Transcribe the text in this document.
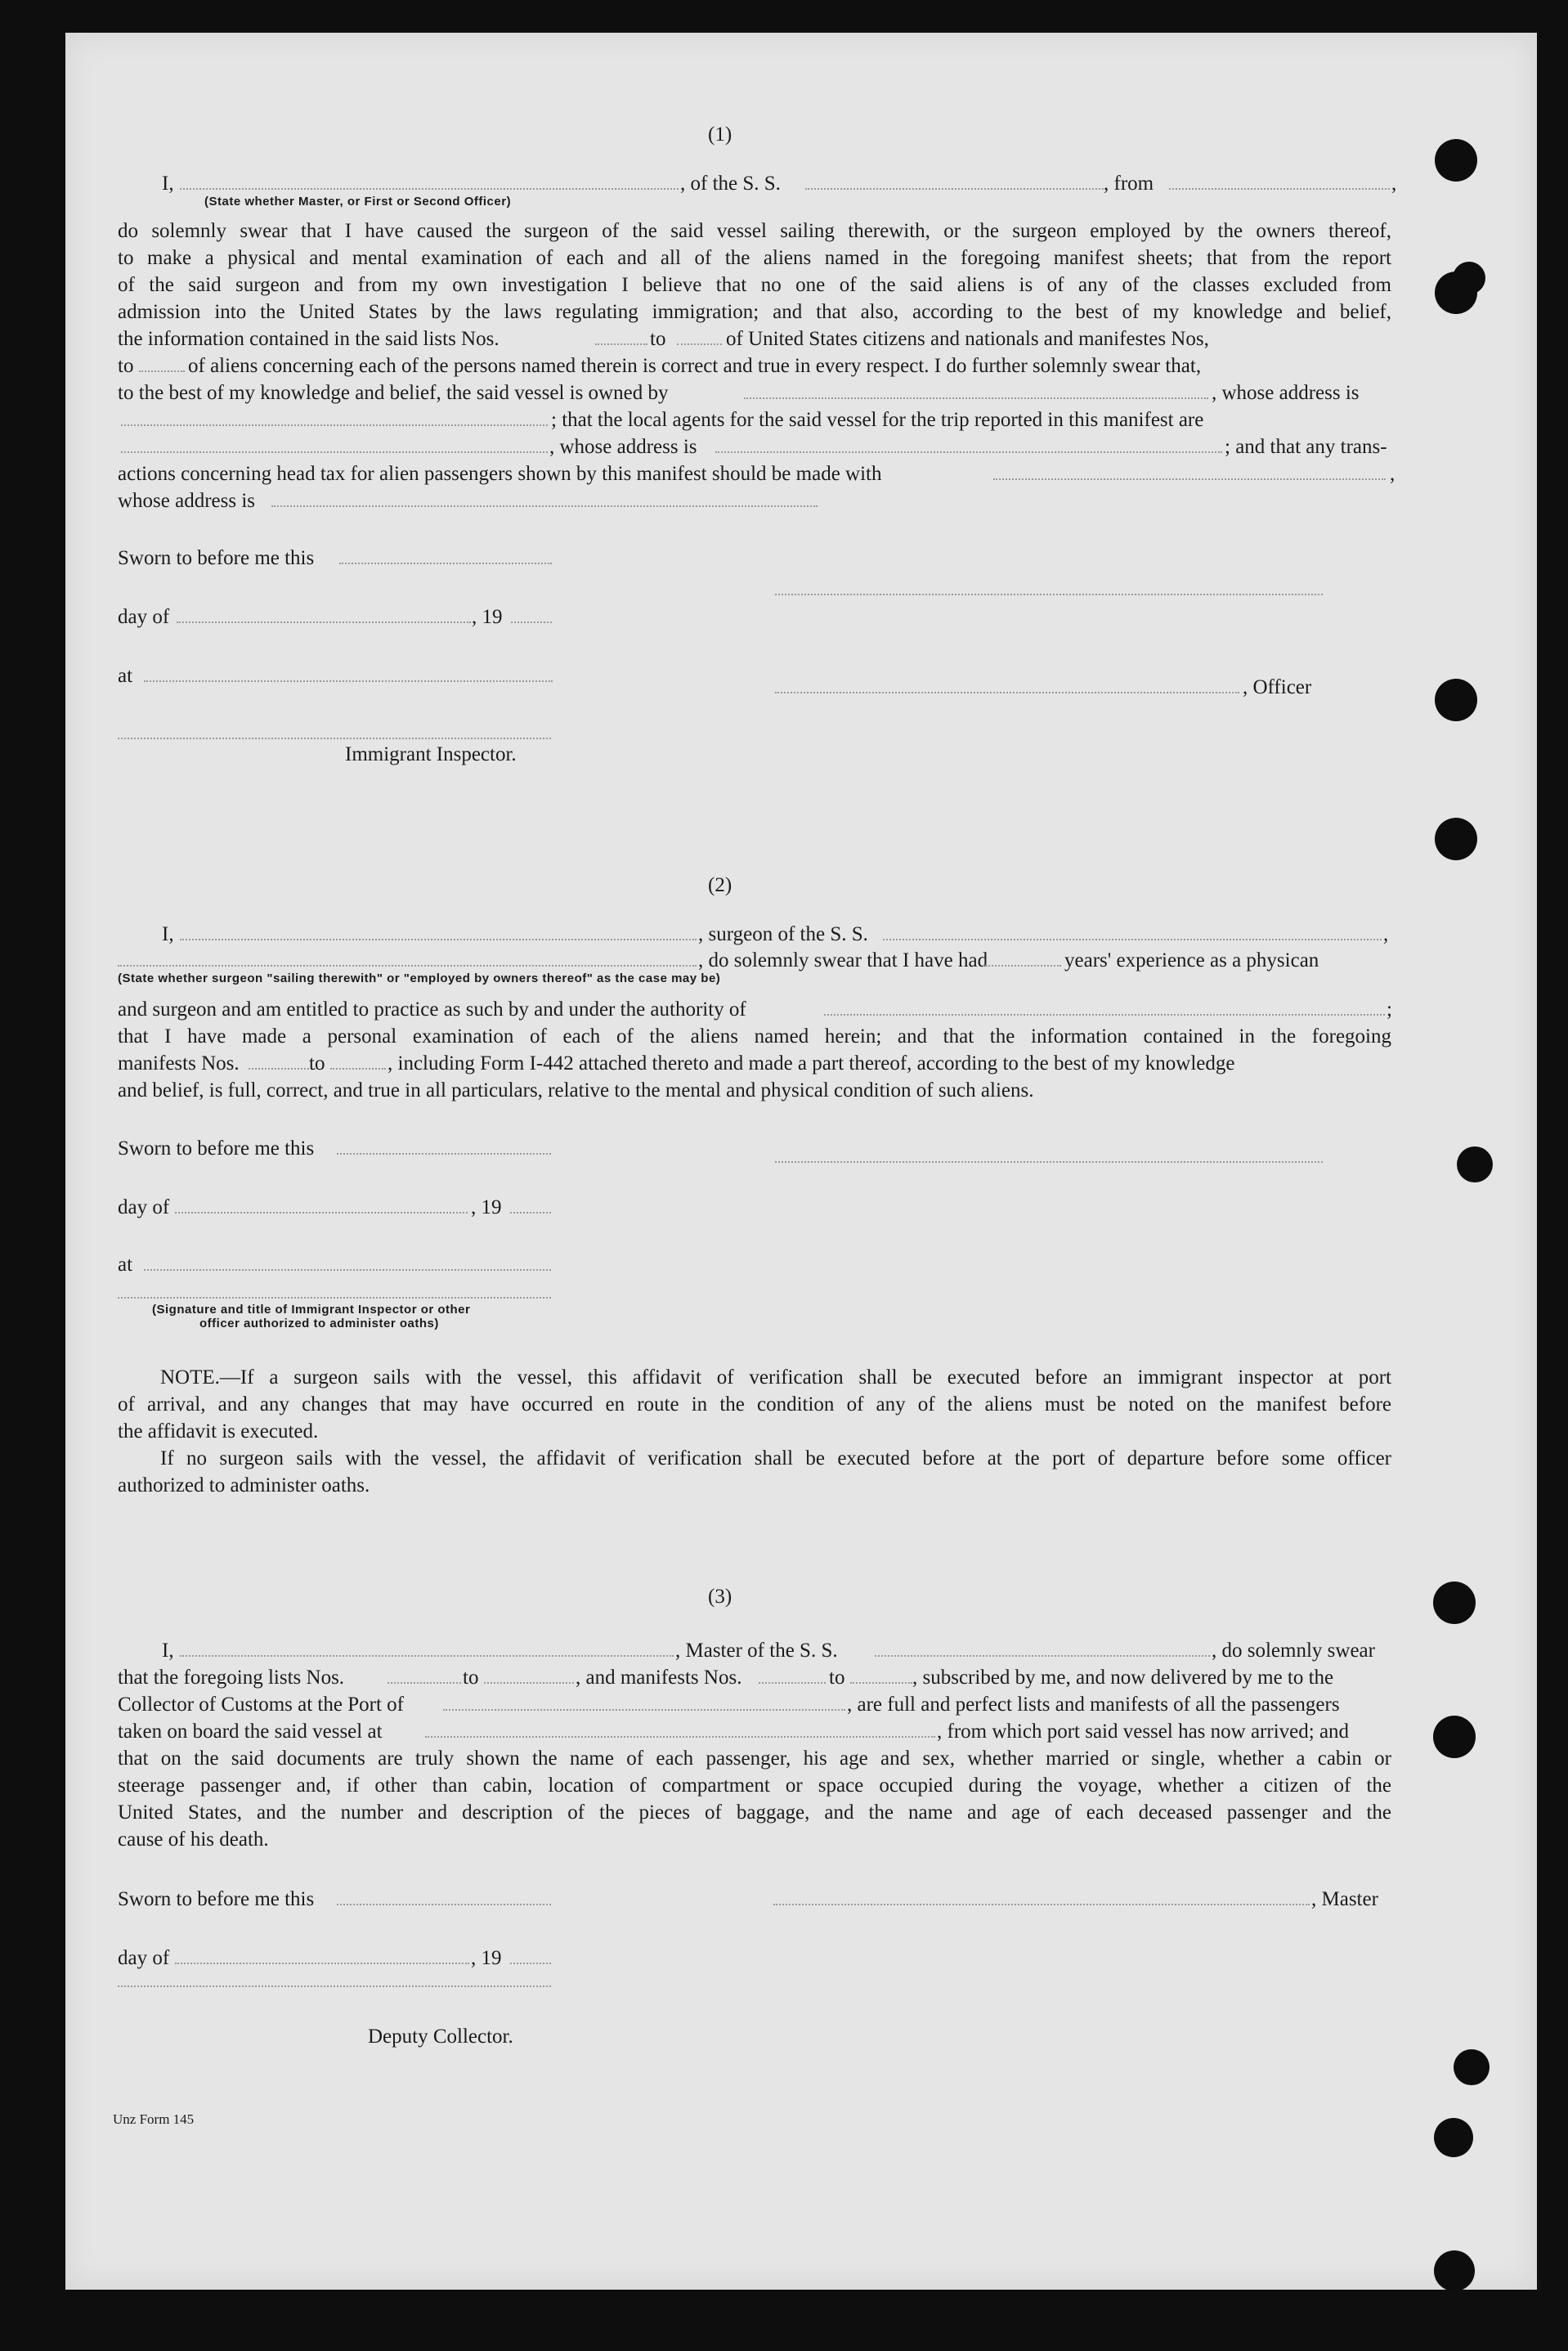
(1)
I,	, of the S. S.	, from	,
(State whether Master, or First or Second Officer)
do solemnly swear that I have caused the surgeon of the said vessel sailing therewith, or the surgeon employed by the owners thereof,
to make a physical and mental examination of each and all of the aliens named in the foregoing manifest sheets; that from the report
of the said surgeon and from my own investigation I believe that no one of the said aliens is of any of the classes excluded from
admission into the United States by the laws regulating immigration; and that also, according to the best of my knowledge and belief,
the information contained in the said lists Nos.	to	of United States citizens and nationals and manifestes Nos,
to	of aliens concerning each of the persons named therein is correct and true in every respect. I do further solemnly swear that,
to the best of my knowledge and belief, the said vessel is owned by	, whose address is
; that the local agents for the said vessel for the trip reported in this manifest are
, whose address is	; and that any trans-
actions concerning head tax for alien passengers shown by this manifest should be made with	,
whose address is
Sworn to before me this
day of	, 19
at
, Officer
Immigrant Inspector.
(2)
I,	, surgeon of the S. S.	,
, do solemnly swear that I have had	years' experience as a physican
(State whether surgeon "sailing therewith" or "employed by owners thereof" as the case may be)
and surgeon and am entitled to practice as such by and under the authority of	;
that I have made a personal examination of each of the aliens named herein; and that the information contained in the foregoing
manifests Nos.	to	, including Form I-442 attached thereto and made a part thereof, according to the best of my knowledge
and belief, is full, correct, and true in all particulars, relative to the mental and physical condition of such aliens.
Sworn to before me this
day of	, 19
at
(Signature and title of Immigrant Inspector or other
officer authorized to administer oaths)
NOTE.—If a surgeon sails with the vessel, this affidavit of verification shall be executed before an immigrant inspector at port
of arrival, and any changes that may have occurred en route in the condition of any of the aliens must be noted on the manifest before
the affidavit is executed.
If no surgeon sails with the vessel, the affidavit of verification shall be executed before at the port of departure before some officer
authorized to administer oaths.
(3)
I,	, Master of the S. S.	, do solemnly swear
that the foregoing lists Nos.	to	, and manifests Nos.	to	, subscribed by me, and now delivered by me to the
Collector of Customs at the Port of	, are full and perfect lists and manifests of all the passengers
taken on board the said vessel at	, from which port said vessel has now arrived; and
that on the said documents are truly shown the name of each passenger, his age and sex, whether married or single, whether a cabin or
steerage passenger and, if other than cabin, location of compartment or space occupied during the voyage, whether a citizen of the
United States, and the number and description of the pieces of baggage, and the name and age of each deceased passenger and the
cause of his death.
Sworn to before me this	, Master
day of	, 19
Deputy Collector.
Unz Form 145
